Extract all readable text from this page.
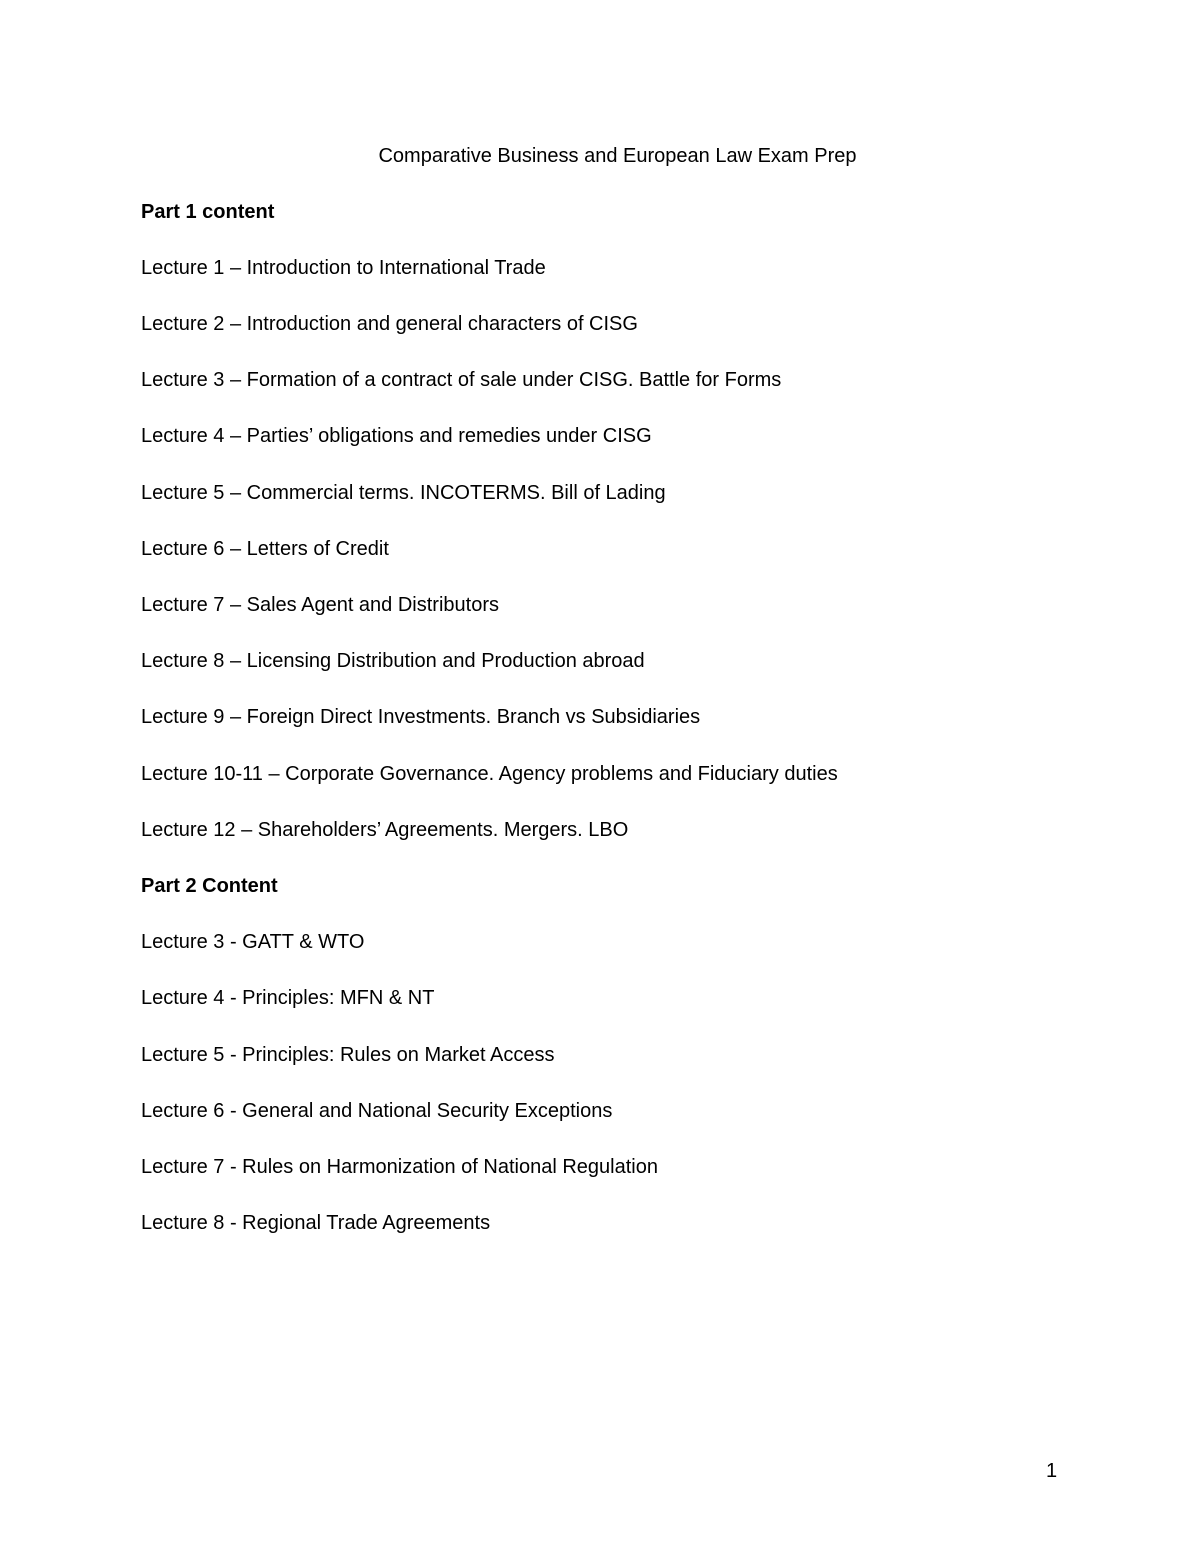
Comparative Business and European Law Exam Prep
Part 1 content
Lecture 1 – Introduction to International Trade
Lecture 2 – Introduction and general characters of CISG
Lecture 3 – Formation of a contract of sale under CISG. Battle for Forms
Lecture 4 – Parties’ obligations and remedies under CISG
Lecture 5 – Commercial terms. INCOTERMS. Bill of Lading
Lecture 6 – Letters of Credit
Lecture 7 – Sales Agent and Distributors
Lecture 8 – Licensing Distribution and Production abroad
Lecture 9 – Foreign Direct Investments. Branch vs Subsidiaries
Lecture 10-11 – Corporate Governance. Agency problems and Fiduciary duties
Lecture 12 – Shareholders’ Agreements. Mergers. LBO
Part 2 Content
Lecture 3 - GATT & WTO
Lecture 4 - Principles: MFN & NT
Lecture 5 - Principles: Rules on Market Access
Lecture 6 - General and National Security Exceptions
Lecture 7 - Rules on Harmonization of National Regulation
Lecture 8 - Regional Trade Agreements
1
